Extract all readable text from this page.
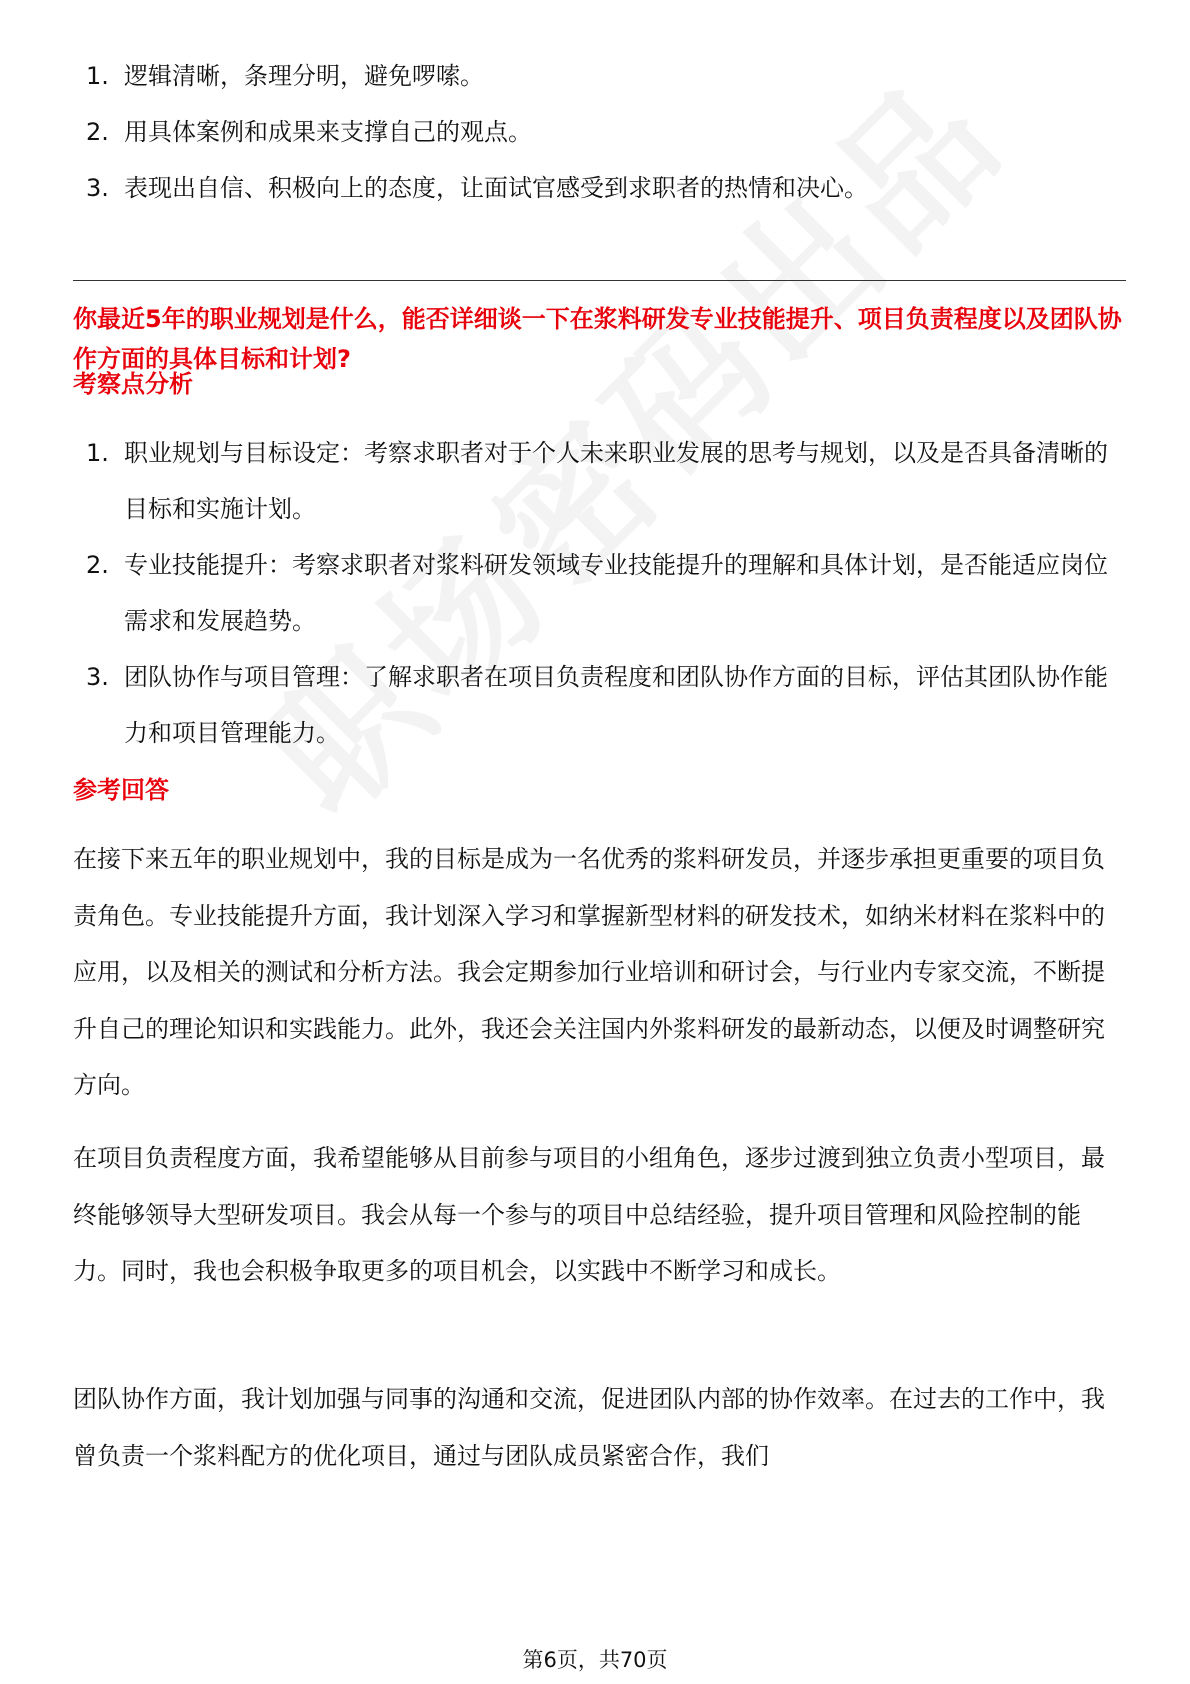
1. 逻辑清晰，条理分明，避免啰嗦。
2. 用具体案例和成果来支撑自己的观点。
3. 表现出自信、积极向上的态度，让面试官感受到求职者的热情和决心。
你最近5年的职业规划是什么，能否详细谈一下在浆料研发专业技能提升、项目负责程度以及团队协作方面的具体目标和计划?
考察点分析
1. 职业规划与目标设定：考察求职者对于个人未来职业发展的思考与规划，以及是否具备清晰的目标和实施计划。
2. 专业技能提升：考察求职者对浆料研发领域专业技能提升的理解和具体计划，是否能适应岗位需求和发展趋势。
3. 团队协作与项目管理：了解求职者在项目负责程度和团队协作方面的目标，评估其团队协作能力和项目管理能力。
参考回答

在接下来五年的职业规划中，我的目标是成为一名优秀的浆料研发员，并逐步承担更重要的项目负责角色。专业技能提升方面，我计划深入学习和掌握新型材料的研发技术，如纳米材料在浆料中的应用，以及相关的测试和分析方法。我会定期参加行业培训和研讨会，与行业内专家交流，不断提升自己的理论知识和实践能力。此外，我还会关注国内外浆料研发的最新动态，以便及时调整研究方向。

在项目负责程度方面，我希望能够从目前参与项目的小组角色，逐步过渡到独立负责小型项目，最终能够领导大型研发项目。我会从每一个参与的项目中总结经验，提升项目管理和风险控制的能力。同时，我也会积极争取更多的项目机会，以实践中不断学习和成长。

团队协作方面，我计划加强与同事的沟通和交流，促进团队内部的协作效率。在过去的工作中，我曾负责一个浆料配方的优化项目，通过与团队成员紧密合作，我们

第6页，共70页
